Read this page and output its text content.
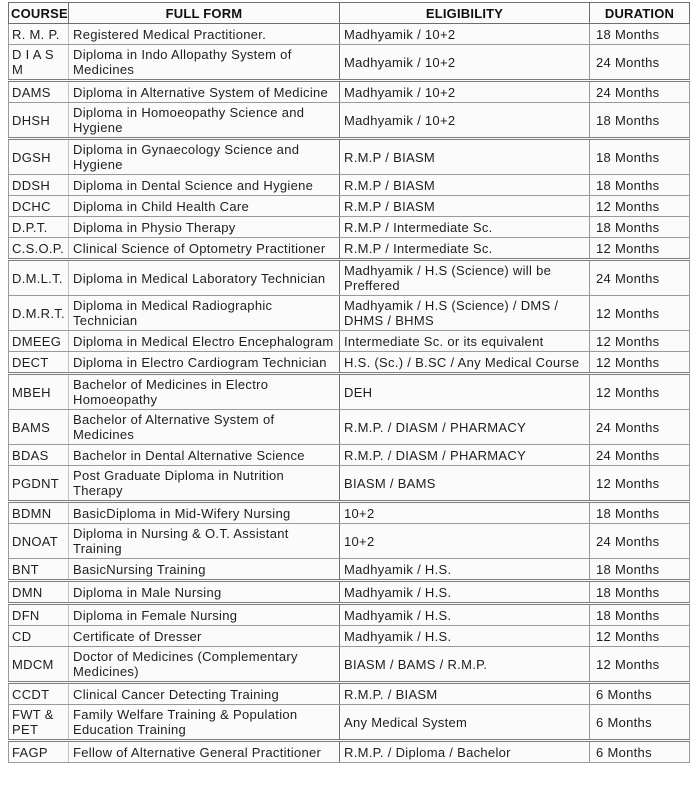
COURSE	FULL FORM	ELIGIBILITY	DURATION
R. M. P.	Registered Medical Practitioner.	Madhyamik / 10+2	18 Months
D I A S M	Diploma in Indo Allopathy System of Medicines	Madhyamik / 10+2	24 Months
DAMS	Diploma in Alternative System of Medicine	Madhyamik / 10+2	24 Months
DHSH	Diploma in Homoeopathy Science and Hygiene	Madhyamik / 10+2	18 Months
DGSH	Diploma in Gynaecology Science and Hygiene	R.M.P / BIASM	18 Months
DDSH	Diploma in Dental Science and Hygiene	R.M.P / BIASM	18 Months
DCHC	Diploma in Child Health Care	R.M.P / BIASM	12 Months
D.P.T.	Diploma in Physio Therapy	R.M.P / Intermediate Sc.	18 Months
C.S.O.P.	Clinical Science of Optometry Practitioner	R.M.P / Intermediate Sc.	12 Months
D.M.L.T.	Diploma in Medical Laboratory Technician	Madhyamik / H.S (Science) will be Preffered	24 Months
D.M.R.T.	Diploma in Medical Radiographic Technician	Madhyamik / H.S (Science) / DMS / DHMS / BHMS	12 Months
DMEEG	Diploma in Medical Electro Encephalogram	Intermediate Sc. or its equivalent	12 Months
DECT	Diploma in Electro Cardiogram Technician	H.S. (Sc.) / B.SC / Any Medical Course	12 Months
MBEH	Bachelor of Medicines in Electro Homoeopathy	DEH	12 Months
BAMS	Bachelor of Alternative System of Medicines	R.M.P. / DIASM / PHARMACY	24 Months
BDAS	Bachelor in Dental Alternative Science	R.M.P. / DIASM / PHARMACY	24 Months
PGDNT	Post Graduate Diploma in Nutrition Therapy	BIASM / BAMS	12 Months
BDMN	BasicDiploma in Mid-Wifery Nursing	10+2	18 Months
DNOAT	Diploma in Nursing & O.T. Assistant Training	10+2	24 Months
BNT	BasicNursing Training	Madhyamik / H.S.	18 Months
DMN	Diploma in Male Nursing	Madhyamik / H.S.	18 Months
DFN	Diploma in Female Nursing	Madhyamik / H.S.	18 Months
CD	Certificate of Dresser	Madhyamik / H.S.	12 Months
MDCM	Doctor of Medicines (Complementary Medicines)	BIASM / BAMS / R.M.P.	12 Months
CCDT	Clinical Cancer Detecting Training	R.M.P. / BIASM	6 Months
FWT & PET	Family Welfare Training & Population Education Training	Any Medical System	6 Months
FAGP	Fellow of Alternative General Practitioner	R.M.P. / Diploma / Bachelor	6 Months
